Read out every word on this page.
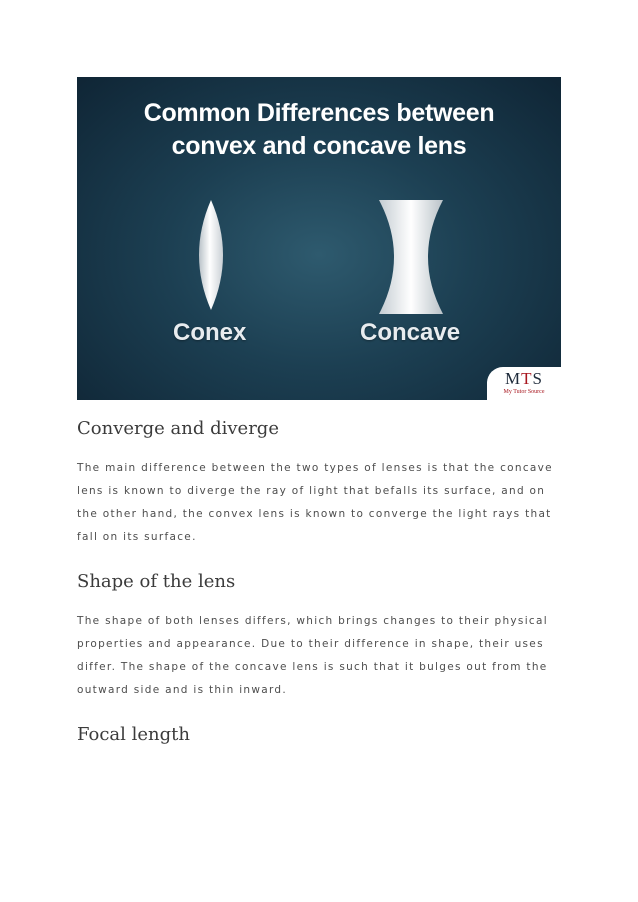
Common Differences between
convex and concave lens
Conex	Concave
MTS
My Tutor Source
Converge and diverge

The main difference between the two types of lenses is that the concave lens is known to diverge the ray of light that befalls its surface, and on the other hand, the convex lens is known to converge the light rays that fall on its surface.

Shape of the lens

The shape of both lenses differs, which brings changes to their physical properties and appearance. Due to their difference in shape, their uses differ. The shape of the concave lens is such that it bulges out from the outward side and is thin inward.

Focal length
